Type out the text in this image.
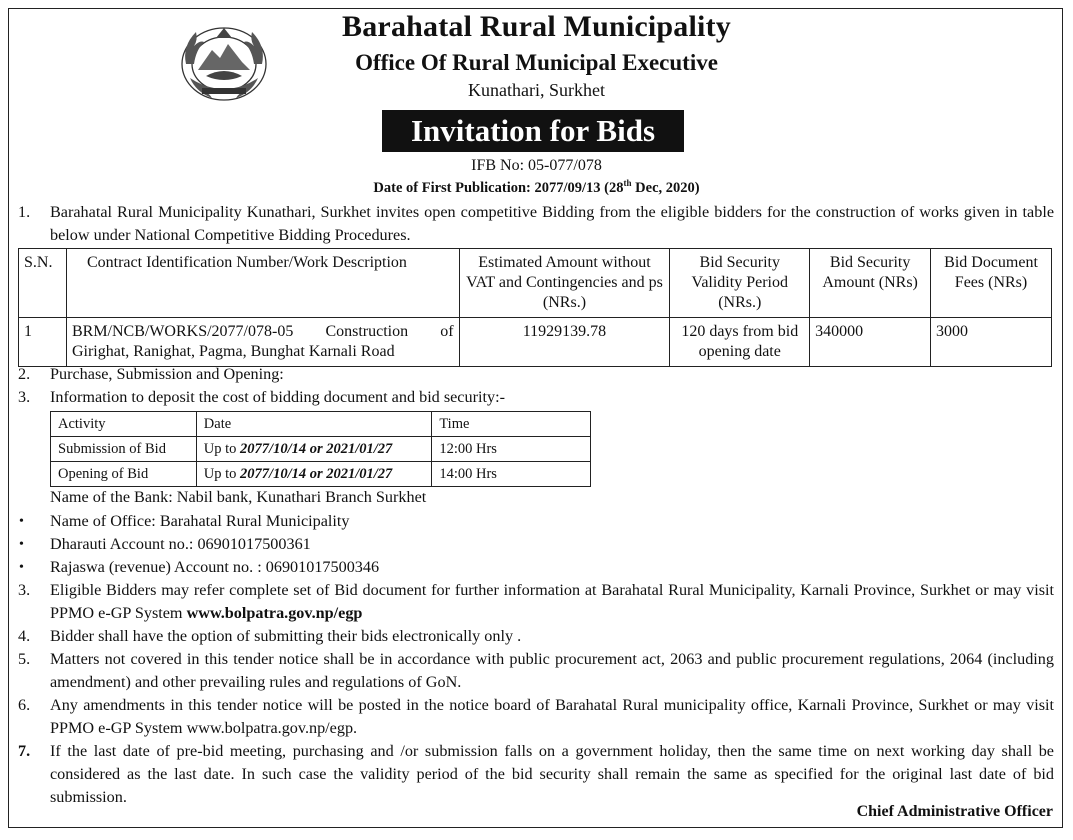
Barahatal Rural Municipality
Office Of Rural Municipal Executive
Kunathari, Surkhet
Invitation for Bids
IFB No: 05-077/078
Date of First Publication: 2077/09/13 (28th Dec, 2020)
1. Barahatal Rural Municipality Kunathari, Surkhet invites open competitive Bidding from the eligible bidders for the construction of works given in table below under National Competitive Bidding Procedures.
S.N.	Contract Identification Number/Work Description	Estimated Amount without VAT and Contingencies and ps (NRs.)	Bid Security Validity Period (NRs.)	Bid Security Amount (NRs)	Bid Document Fees (NRs)
1	BRM/NCB/WORKS/2077/078-05 Construction of Girighat, Ranighat, Pagma, Bunghat Karnali Road	11929139.78	120 days from bid opening date	340000	3000
2. Purchase, Submission and Opening:
3. Information to deposit the cost of bidding document and bid security:-
Activity	Date	Time
Submission of Bid	Up to 2077/10/14 or 2021/01/27	12:00 Hrs
Opening of Bid	Up to 2077/10/14 or 2021/01/27	14:00 Hrs
Name of the Bank: Nabil bank, Kunathari Branch Surkhet
• Name of Office: Barahatal Rural Municipality
• Dharauti Account no.: 06901017500361
• Rajaswa (revenue) Account no. : 06901017500346
3. Eligible Bidders may refer complete set of Bid document for further information at Barahatal Rural Municipality, Karnali Province, Surkhet or may visit PPMO e-GP System www.bolpatra.gov.np/egp
4. Bidder shall have the option of submitting their bids electronically only .
5. Matters not covered in this tender notice shall be in accordance with public procurement act, 2063 and public procurement regulations, 2064 (including amendment) and other prevailing rules and regulations of GoN.
6. Any amendments in this tender notice will be posted in the notice board of Barahatal Rural municipality office, Karnali Province, Surkhet or may visit PPMO e-GP System www.bolpatra.gov.np/egp.
7. If the last date of pre-bid meeting, purchasing and /or submission falls on a government holiday, then the same time on next working day shall be considered as the last date. In such case the validity period of the bid security shall remain the same as specified for the original last date of bid submission.
Chief Administrative Officer
